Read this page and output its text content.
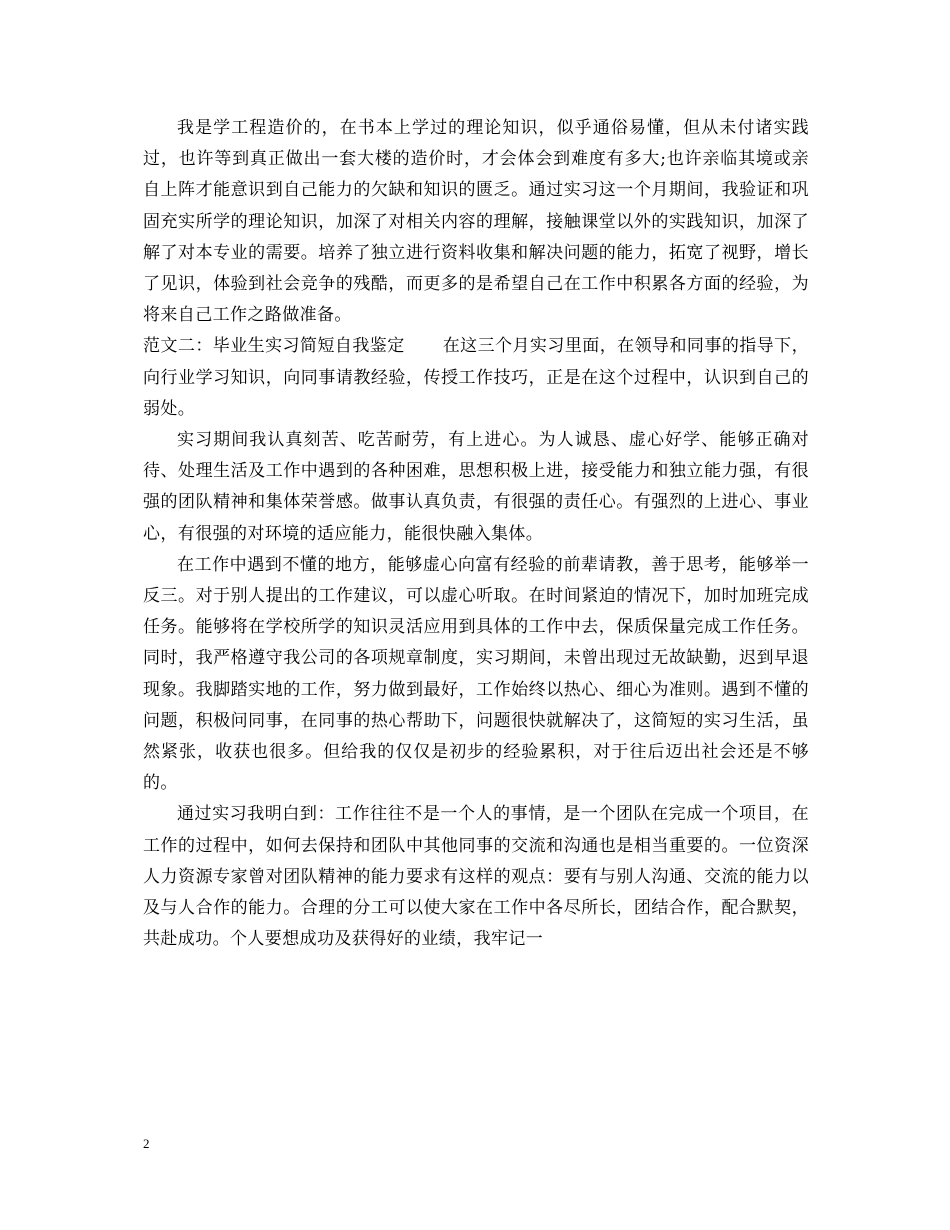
我是学工程造价的，在书本上学过的理论知识，似乎通俗易懂，但从未付诸实践过，也许等到真正做出一套大楼的造价时，才会体会到难度有多大;也许亲临其境或亲自上阵才能意识到自己能力的欠缺和知识的匮乏。通过实习这一个月期间，我验证和巩固充实所学的理论知识，加深了对相关内容的理解，接触课堂以外的实践知识，加深了解了对本专业的需要。培养了独立进行资料收集和解决问题的能力，拓宽了视野，增长了见识，体验到社会竞争的残酷，而更多的是希望自己在工作中积累各方面的经验，为将来自己工作之路做准备。

范文二：毕业生实习简短自我鉴定 在这三个月实习里面，在领导和同事的指导下，向行业学习知识，向同事请教经验，传授工作技巧，正是在这个过程中，认识到自己的弱处。

实习期间我认真刻苦、吃苦耐劳，有上进心。为人诚恳、虚心好学、能够正确对待、处理生活及工作中遇到的各种困难，思想积极上进，接受能力和独立能力强，有很强的团队精神和集体荣誉感。做事认真负责，有很强的责任心。有强烈的上进心、事业心，有很强的对环境的适应能力，能很快融入集体。

在工作中遇到不懂的地方，能够虚心向富有经验的前辈请教，善于思考，能够举一反三。对于别人提出的工作建议，可以虚心听取。在时间紧迫的情况下，加时加班完成任务。能够将在学校所学的知识灵活应用到具体的工作中去，保质保量完成工作任务。同时，我严格遵守我公司的各项规章制度，实习期间，未曾出现过无故缺勤，迟到早退现象。我脚踏实地的工作，努力做到最好，工作始终以热心、细心为准则。遇到不懂的问题，积极问同事，在同事的热心帮助下，问题很快就解决了，这简短的实习生活，虽然紧张，收获也很多。但给我的仅仅是初步的经验累积，对于往后迈出社会还是不够的。

通过实习我明白到：工作往往不是一个人的事情，是一个团队在完成一个项目，在工作的过程中，如何去保持和团队中其他同事的交流和沟通也是相当重要的。一位资深人力资源专家曾对团队精神的能力要求有这样的观点：要有与别人沟通、交流的能力以及与人合作的能力。合理的分工可以使大家在工作中各尽所长，团结合作，配合默契，共赴成功。个人要想成功及获得好的业绩，我牢记一

2
